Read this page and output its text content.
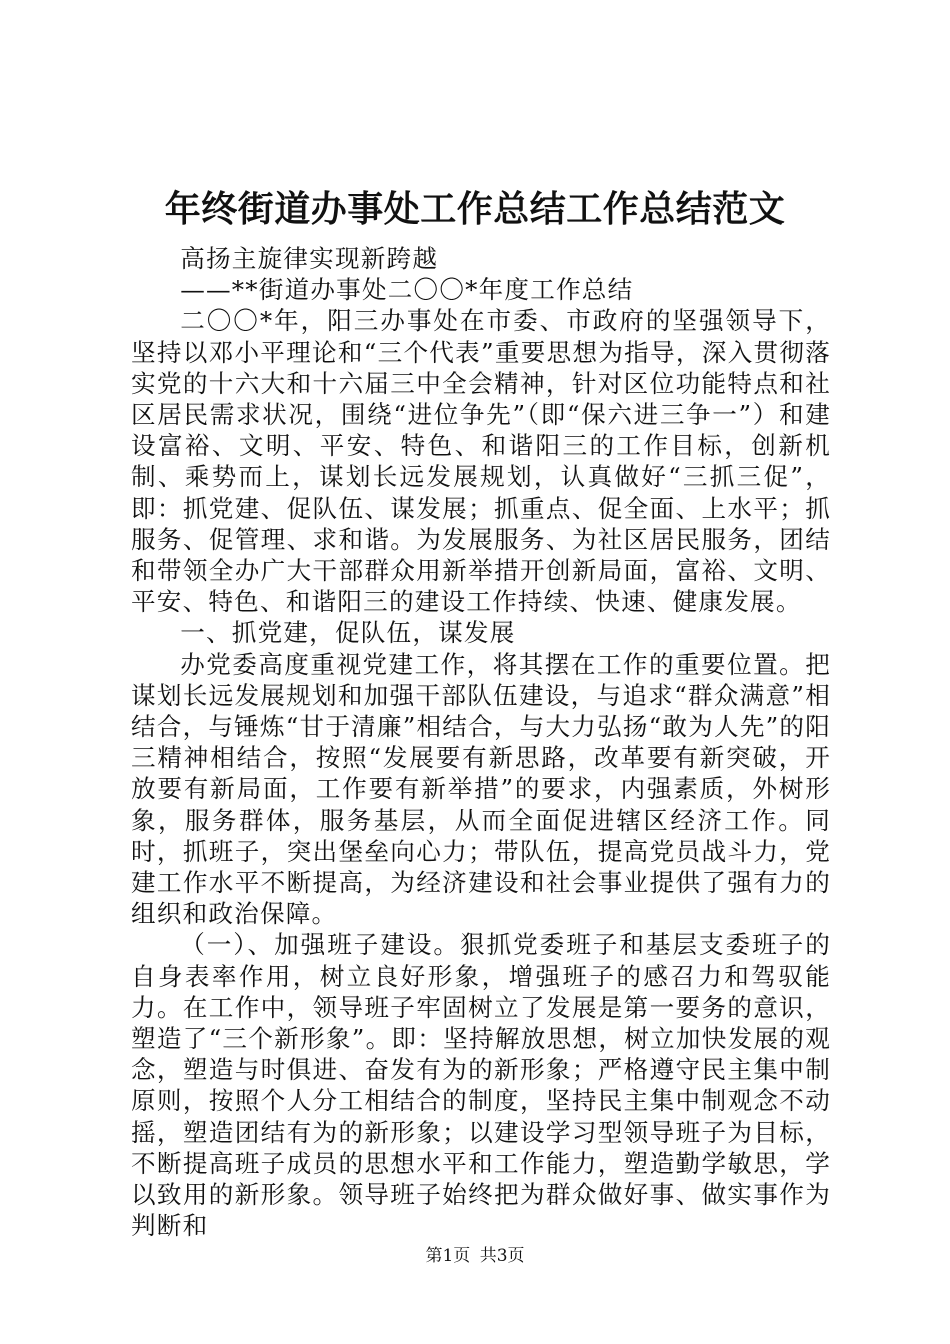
年终街道办事处工作总结工作总结范文

高扬主旋律实现新跨越

——**街道办事处二〇〇*年度工作总结

二〇〇*年，阳三办事处在市委、市政府的坚强领导下，坚持以邓小平理论和“三个代表”重要思想为指导，深入贯彻落实党的十六大和十六届三中全会精神，针对区位功能特点和社区居民需求状况，围绕“进位争先”（即“保六进三争一”）和建设富裕、文明、平安、特色、和谐阳三的工作目标，创新机制、乘势而上，谋划长远发展规划，认真做好“三抓三促”，即：抓党建、促队伍、谋发展；抓重点、促全面、上水平；抓服务、促管理、求和谐。为发展服务、为社区居民服务，团结和带领全办广大干部群众用新举措开创新局面，富裕、文明、平安、特色、和谐阳三的建设工作持续、快速、健康发展。

一、抓党建，促队伍，谋发展

办党委高度重视党建工作，将其摆在工作的重要位置。把谋划长远发展规划和加强干部队伍建设，与追求“群众满意”相结合，与锤炼“甘于清廉”相结合，与大力弘扬“敢为人先”的阳三精神相结合，按照“发展要有新思路，改革要有新突破，开放要有新局面，工作要有新举措”的要求，内强素质，外树形象，服务群体，服务基层，从而全面促进辖区经济工作。同时，抓班子，突出堡垒向心力；带队伍，提高党员战斗力，党建工作水平不断提高，为经济建设和社会事业提供了强有力的组织和政治保障。

（一）、加强班子建设。狠抓党委班子和基层支委班子的自身表率作用，树立良好形象，增强班子的感召力和驾驭能力。在工作中，领导班子牢固树立了发展是第一要务的意识，塑造了“三个新形象”。即：坚持解放思想，树立加快发展的观念，塑造与时俱进、奋发有为的新形象；严格遵守民主集中制原则，按照个人分工相结合的制度，坚持民主集中制观念不动摇，塑造团结有为的新形象；以建设学习型领导班子为目标，不断提高班子成员的思想水平和工作能力，塑造勤学敏思，学以致用的新形象。领导班子始终把为群众做好事、做实事作为判断和

第1页 共3页
